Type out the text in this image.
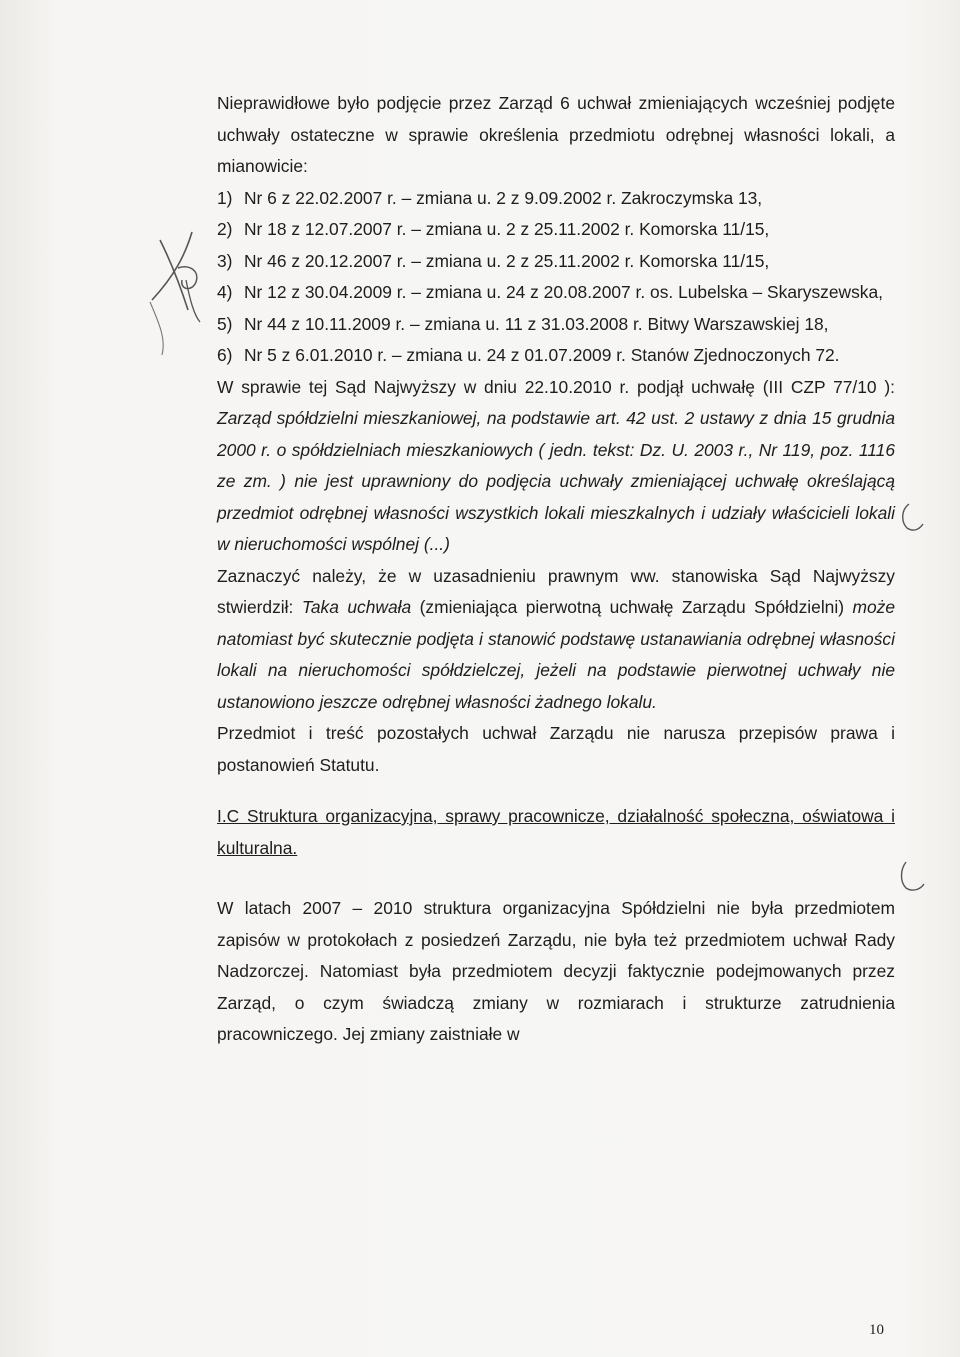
Nieprawidłowe było podjęcie przez Zarząd 6 uchwał zmieniających wcześniej podjęte uchwały ostateczne w sprawie określenia przedmiotu odrębnej własności lokali, a mianowicie:

1) Nr 6 z 22.02.2007 r. – zmiana u. 2 z 9.09.2002 r. Zakroczymska 13,
2) Nr 18 z 12.07.2007 r. – zmiana u. 2 z 25.11.2002 r. Komorska 11/15,
3) Nr 46 z 20.12.2007 r. – zmiana u. 2 z 25.11.2002 r. Komorska 11/15,
4) Nr 12 z 30.04.2009 r. – zmiana u. 24 z 20.08.2007 r. os. Lubelska – Skaryszewska,
5) Nr 44 z 10.11.2009 r. – zmiana u. 11 z 31.03.2008 r. Bitwy Warszawskiej 18,
6) Nr 5 z 6.01.2010 r. – zmiana u. 24 z 01.07.2009 r. Stanów Zjednoczonych 72.

W sprawie tej Sąd Najwyższy w dniu 22.10.2010 r. podjął uchwałę (III CZP 77/10 ): Zarząd spółdzielni mieszkaniowej, na podstawie art. 42 ust. 2 ustawy z dnia 15 grudnia 2000 r. o spółdzielniach mieszkaniowych ( jedn. tekst: Dz. U. 2003 r., Nr 119, poz. 1116 ze zm. ) nie jest uprawniony do podjęcia uchwały zmieniającej uchwałę określającą przedmiot odrębnej własności wszystkich lokali mieszkalnych i udziały właścicieli lokali w nieruchomości wspólnej (...)

Zaznaczyć należy, że w uzasadnieniu prawnym ww. stanowiska Sąd Najwyższy stwierdził: Taka uchwała (zmieniająca pierwotną uchwałę Zarządu Spółdzielni) może natomiast być skutecznie podjęta i stanowić podstawę ustanawiania odrębnej własności lokali na nieruchomości spółdzielczej, jeżeli na podstawie pierwotnej uchwały nie ustanowiono jeszcze odrębnej własności żadnego lokalu.

Przedmiot i treść pozostałych uchwał Zarządu nie narusza przepisów prawa i postanowień Statutu.

I.C Struktura organizacyjna, sprawy pracownicze, działalność społeczna, oświatowa i kulturalna.

W latach 2007 – 2010 struktura organizacyjna Spółdzielni nie była przedmiotem zapisów w protokołach z posiedzeń Zarządu, nie była też przedmiotem uchwał Rady Nadzorczej. Natomiast była przedmiotem decyzji faktycznie podejmowanych przez Zarząd, o czym świadczą zmiany w rozmiarach i strukturze zatrudnienia pracowniczego. Jej zmiany zaistniałe w

10
